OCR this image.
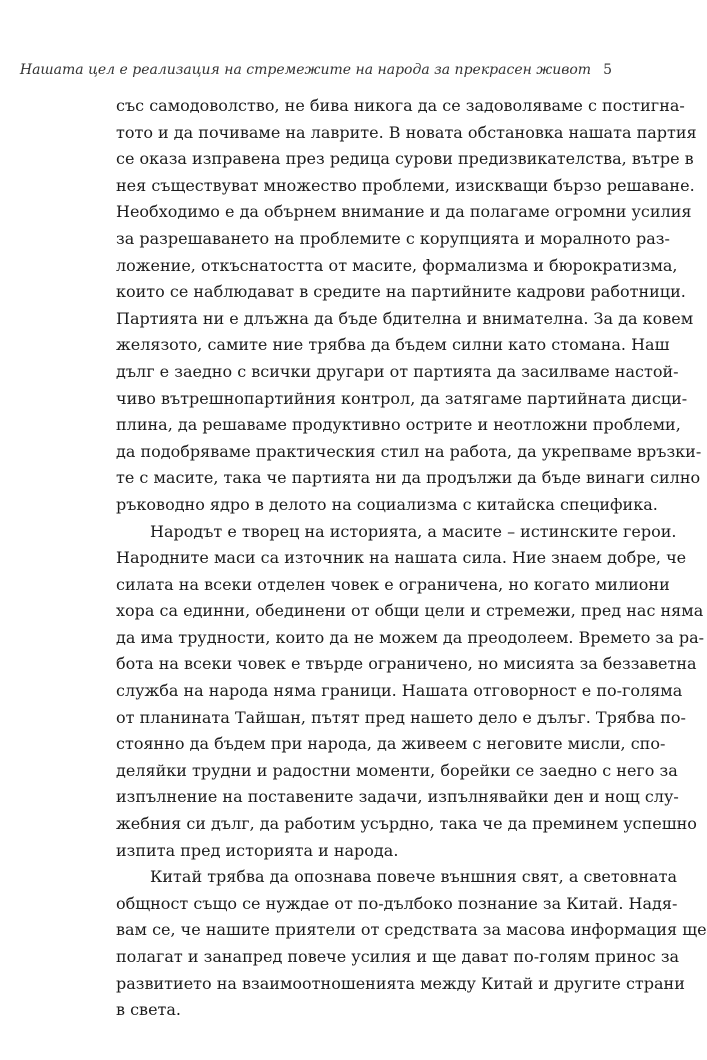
Нашата цел е реализация на стремежите на народа за прекрасен живот 5
със самодоволство, не бива никога да се задоволяваме с постигна-
тото и да почиваме на лаврите. В новата обстановка нашата партия
се оказа изправена през редица сурови предизвикателства, вътре в
нея съществуват множество проблеми, изискващи бързо решаване.
Необходимо е да обърнем внимание и да полагаме огромни усилия
за разрешаването на проблемите с корупцията и моралното раз-
ложение, откъснатостта от масите, формализма и бюрократизма,
които се наблюдават в средите на партийните кадрови работници.
Партията ни е длъжна да бъде бдителна и внимателна. За да ковем
желязото, самите ние трябва да бъдем силни като стомана. Наш
дълг е заедно с всички другари от партията да засилваме настой-
чиво вътрешнопартийния контрол, да затягаме партийната дисци-
плина, да решаваме продуктивно острите и неотложни проблеми,
да подобряваме практическия стил на работа, да укрепваме връзки-
те с масите, така че партията ни да продължи да бъде винаги силно
ръководно ядро в делото на социализма с китайска специфика.
Народът е творец на историята, а масите – истинските герои.
Народните маси са източник на нашата сила. Ние знаем добре, че
силата на всеки отделен човек е ограничена, но когато милиони
хора са единни, обединени от общи цели и стремежи, пред нас няма
да има трудности, които да не можем да преодолеем. Времето за ра-
бота на всеки човек е твърде ограничено, но мисията за беззаветна
служба на народа няма граници. Нашата отговорност е по-голяма
от планината Тайшан, пътят пред нашето дело е дълъг. Трябва по-
стоянно да бъдем при народа, да живеем с неговите мисли, спо-
деляйки трудни и радостни моменти, борейки се заедно с него за
изпълнение на поставените задачи, изпълнявайки ден и нощ слу-
жебния си дълг, да работим усърдно, така че да преминем успешно
изпита пред историята и народа.
Китай трябва да опознава повече външния свят, а световната
общност също се нуждае от по-дълбоко познание за Китай. Надя-
вам се, че нашите приятели от средствата за масова информация ще
полагат и занапред повече усилия и ще дават по-голям принос за
развитието на взаимоотношенията между Китай и другите страни
в света.
